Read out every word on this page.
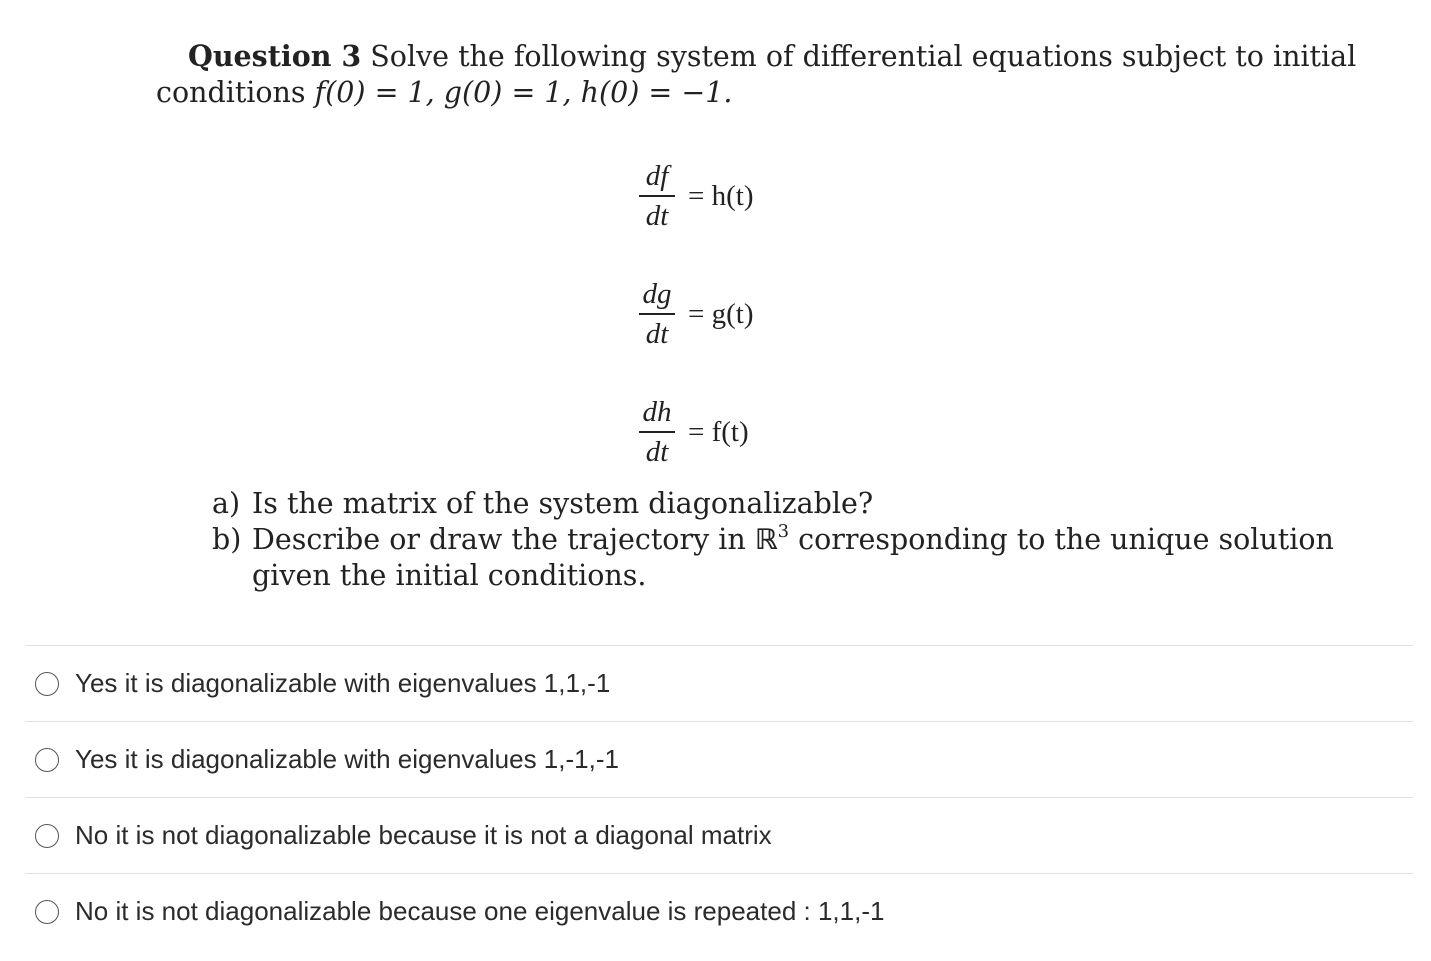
Question 3 Solve the following system of differential equations subject to initial
conditions f(0) = 1, g(0) = 1, h(0) = −1.
$\frac{df}{dt} = h(t)$
$\frac{dg}{dt} = g(t)$
$\frac{dh}{dt} = f(t)$
a) Is the matrix of the system diagonalizable?
b) Describe or draw the trajectory in ℝ$^3$ corresponding to the unique solution
given the initial conditions.
Yes it is diagonalizable with eigenvalues 1,1,-1
Yes it is diagonalizable with eigenvalues 1,-1,-1
No it is not diagonalizable because it is not a diagonal matrix
No it is not diagonalizable because one eigenvalue is repeated : 1,1,-1
